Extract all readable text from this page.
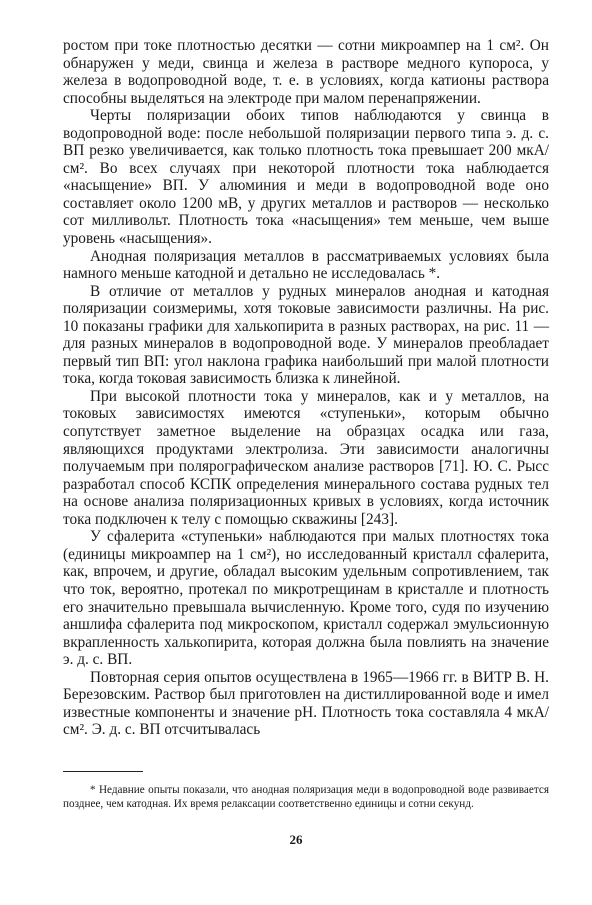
ростом при токе плотностью десятки — сотни микроампер на 1 см². Он обнаружен у меди, свинца и железа в растворе медного купороса, у железа в водопроводной воде, т. е. в условиях, когда катионы раствора способны выделяться на электроде при малом перенапряжении.

Черты поляризации обоих типов наблюдаются у свинца в водопроводной воде: после небольшой поляризации первого типа э. д. с. ВП резко увеличивается, как только плотность тока превышает 200 мкА/см². Во всех случаях при некоторой плотности тока наблюдается «насыщение» ВП. У алюминия и меди в водопроводной воде оно составляет около 1200 мВ, у других металлов и растворов — несколько сот милливольт. Плотность тока «насыщения» тем меньше, чем выше уровень «насыщения».

Анодная поляризация металлов в рассматриваемых условиях была намного меньше катодной и детально не исследовалась *.

В отличие от металлов у рудных минералов анодная и катодная поляризации соизмеримы, хотя токовые зависимости различны. На рис. 10 показаны графики для халькопирита в разных растворах, на рис. 11 — для разных минералов в водопроводной воде. У минералов преобладает первый тип ВП: угол наклона графика наибольший при малой плотности тока, когда токовая зависимость близка к линейной.

При высокой плотности тока у минералов, как и у металлов, на токовых зависимостях имеются «ступеньки», которым обычно сопутствует заметное выделение на образцах осадка или газа, являющихся продуктами электролиза. Эти зависимости аналогичны получаемым при полярографическом анализе растворов [71]. Ю. С. Рысс разработал способ КСПК определения минерального состава рудных тел на основе анализа поляризационных кривых в условиях, когда источник тока подключен к телу с помощью скважины [243].

У сфалерита «ступеньки» наблюдаются при малых плотностях тока (единицы микроампер на 1 см²), но исследованный кристалл сфалерита, как, впрочем, и другие, обладал высоким удельным сопротивлением, так что ток, вероятно, протекал по микротрещинам в кристалле и плотность его значительно превышала вычисленную. Кроме того, судя по изучению аншлифа сфалерита под микроскопом, кристалл содержал эмульсионную вкрапленность халькопирита, которая должна была повлиять на значение э. д. с. ВП.

Повторная серия опытов осуществлена в 1965—1966 гг. в ВИТР В. Н. Березовским. Раствор был приготовлен на дистиллированной воде и имел известные компоненты и значение pH. Плотность тока составляла 4 мкА/см². Э. д. с. ВП отсчитывалась

* Недавние опыты показали, что анодная поляризация меди в водопроводной воде развивается позднее, чем катодная. Их время релаксации соответственно единицы и сотни секунд.

26
